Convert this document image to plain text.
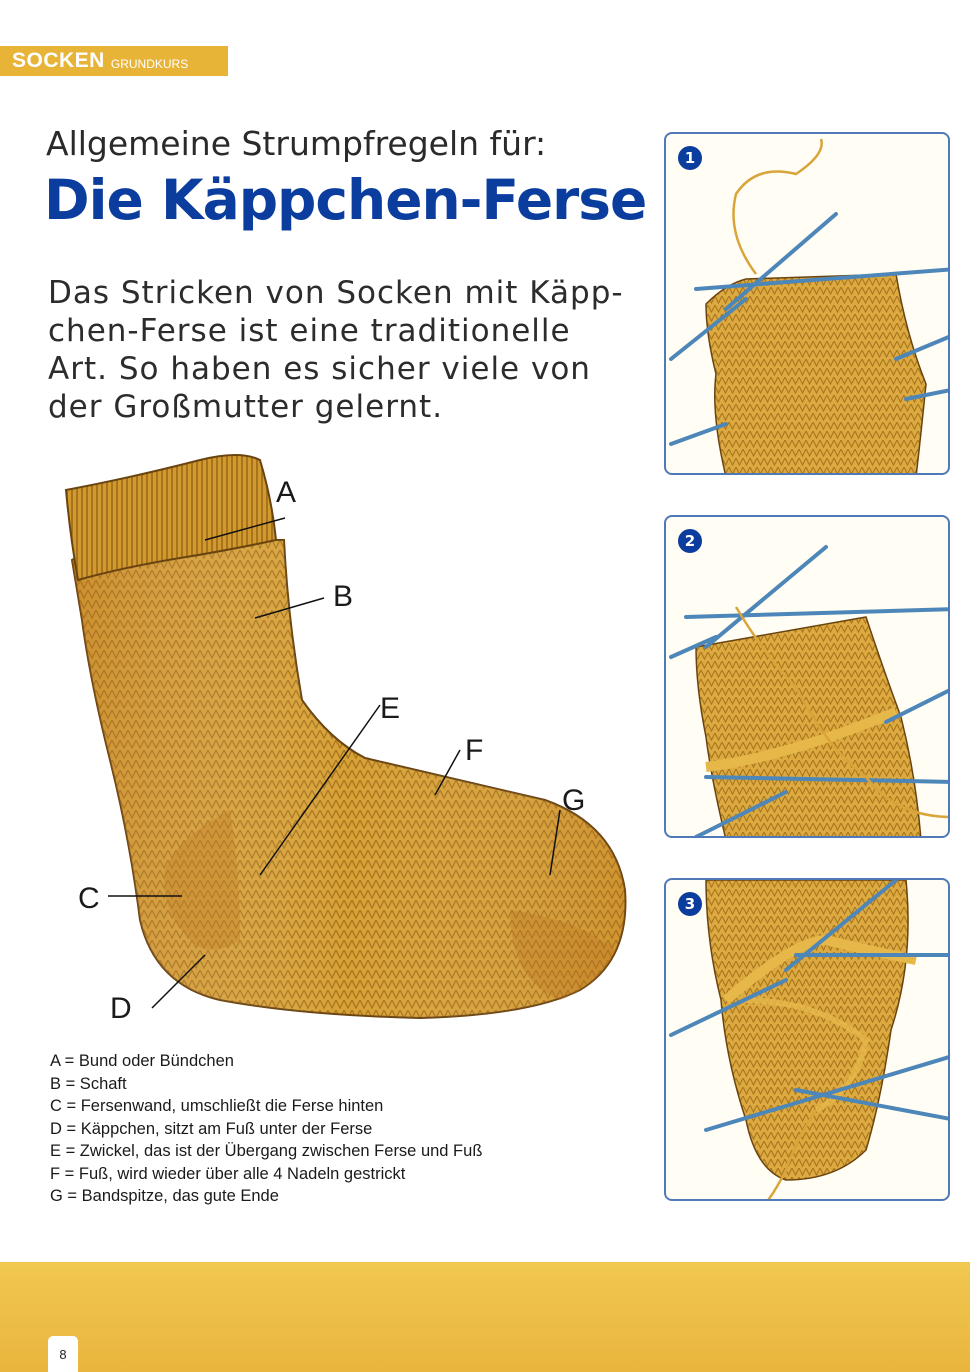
SOCKEN GRUNDKURS
Allgemeine Strumpfregeln für:
Die Käppchen-Ferse
Das Stricken von Socken mit Käpp-
chen-Ferse ist eine traditionelle
Art. So haben es sicher viele von
der Großmutter gelernt.
A
B
E
F
G
C
D
A = Bund oder Bündchen
B = Schaft
C = Fersenwand, umschließt die Ferse hinten
D = Käppchen, sitzt am Fuß unter der Ferse
E = Zwickel, das ist der Übergang zwischen Ferse und Fuß
F = Fuß, wird wieder über alle 4 Nadeln gestrickt
G = Bandspitze, das gute Ende
1
2
3
8
